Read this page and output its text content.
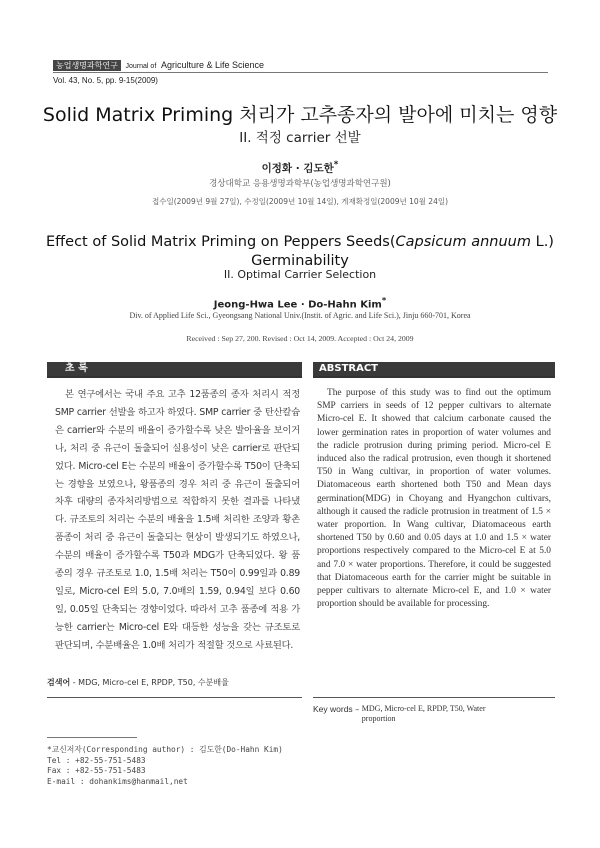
농업생명과학연구 Journal of Agriculture & Life Science
Vol. 43, No. 5, pp. 9-15(2009)
Solid Matrix Priming 처리가 고추종자의 발아에 미치는 영향
II. 적정 carrier 선발
이정화 · 김도한*
경상대학교 응용생명과학부(농업생명과학연구원)
접수일(2009년 9월 27일), 수정일(2009년 10월 14일), 게재확정일(2009년 10월 24일)
Effect of Solid Matrix Priming on Peppers Seeds(Capsicum annuum L.)
Germinability
II. Optimal Carrier Selection
Jeong-Hwa Lee · Do-Hahn Kim*
Div. of Applied Life Sci., Gyeongsang National Univ.(Instit. of Agric. and Life Sci.), Jinju 660-701, Korea
Received : Sep 27, 200. Revised : Oct 14, 2009. Accepted : Oct 24, 2009
초 록
본 연구에서는 국내 주요 고추 12품종의 종자 처리시 적정 SMP carrier 선발을 하고자 하였다. SMP carrier 중 탄산칼슘은 carrier와 수분의 배율이 증가할수록 낮은 발아율을 보이거나, 처리 중 유근이 돌출되어 실용성이 낮은 carrier로 판단되었다. Micro-cel E는 수분의 배율이 증가할수록 T50이 단축되는 경향을 보였으나, 왕품종의 경우 처리 중 유근이 돌출되어 차후 대량의 종자처리방법으로 적합하지 못한 결과를 나타냈다. 규조토의 처리는 수분의 배율을 1.5배 처리한 조양과 황촌품종이 처리 중 유근이 돌출되는 현상이 발생되기도 하였으나, 수분의 배율이 증가할수록 T50과 MDG가 단축되었다. 왕 품종의 경우 규조토로 1.0, 1.5배 처리는 T50이 0.99일과 0.89일로, Micro-cel E의 5.0, 7.0배의 1.59, 0.94일 보다 0.60일, 0.05일 단축되는 경향이었다. 따라서 고추 품종에 적용 가능한 carrier는 Micro-cel E와 대등한 성능을 갖는 규조토로 판단되며, 수분배율은 1.0배 처리가 적절할 것으로 사료된다.
검색어 - MDG, Micro-cel E, RPDP, T50, 수분배율
ABSTRACT
The purpose of this study was to find out the optimum SMP carriers in seeds of 12 pepper cultivars to alternate Micro-cel E. It showed that calcium carbonate caused the lower germination rates in proportion of water volumes and the radicle protrusion during priming period. Micro-cel E induced also the radical protrusion, even though it shortened T50 in Wang cultivar, in proportion of water volumes. Diatomaceous earth shortened both T50 and Mean days germination(MDG) in Choyang and Hyangchon cultivars, although it caused the radicle protrusion in treatment of 1.5 × water proportion. In Wang cultivar, Diatomaceous earth shortened T50 by 0.60 and 0.05 days at 1.0 and 1.5 × water proportions respectively compared to the Micro-cel E at 5.0 and 7.0 × water proportions. Therefore, it could be suggested that Diatomaceous earth for the carrier might be suitable in pepper cultivars to alternate Micro-cel E, and 1.0 × water proportion should be available for processing.
Key words – MDG, Micro-cel E, RPDP, T50, Water proportion
*교신저자(Corresponding author) : 김도한(Do-Hahn Kim)
Tel : +82-55-751-5483
Fax : +82-55-751-5483
E-mail : dohankims@hanmail,net
